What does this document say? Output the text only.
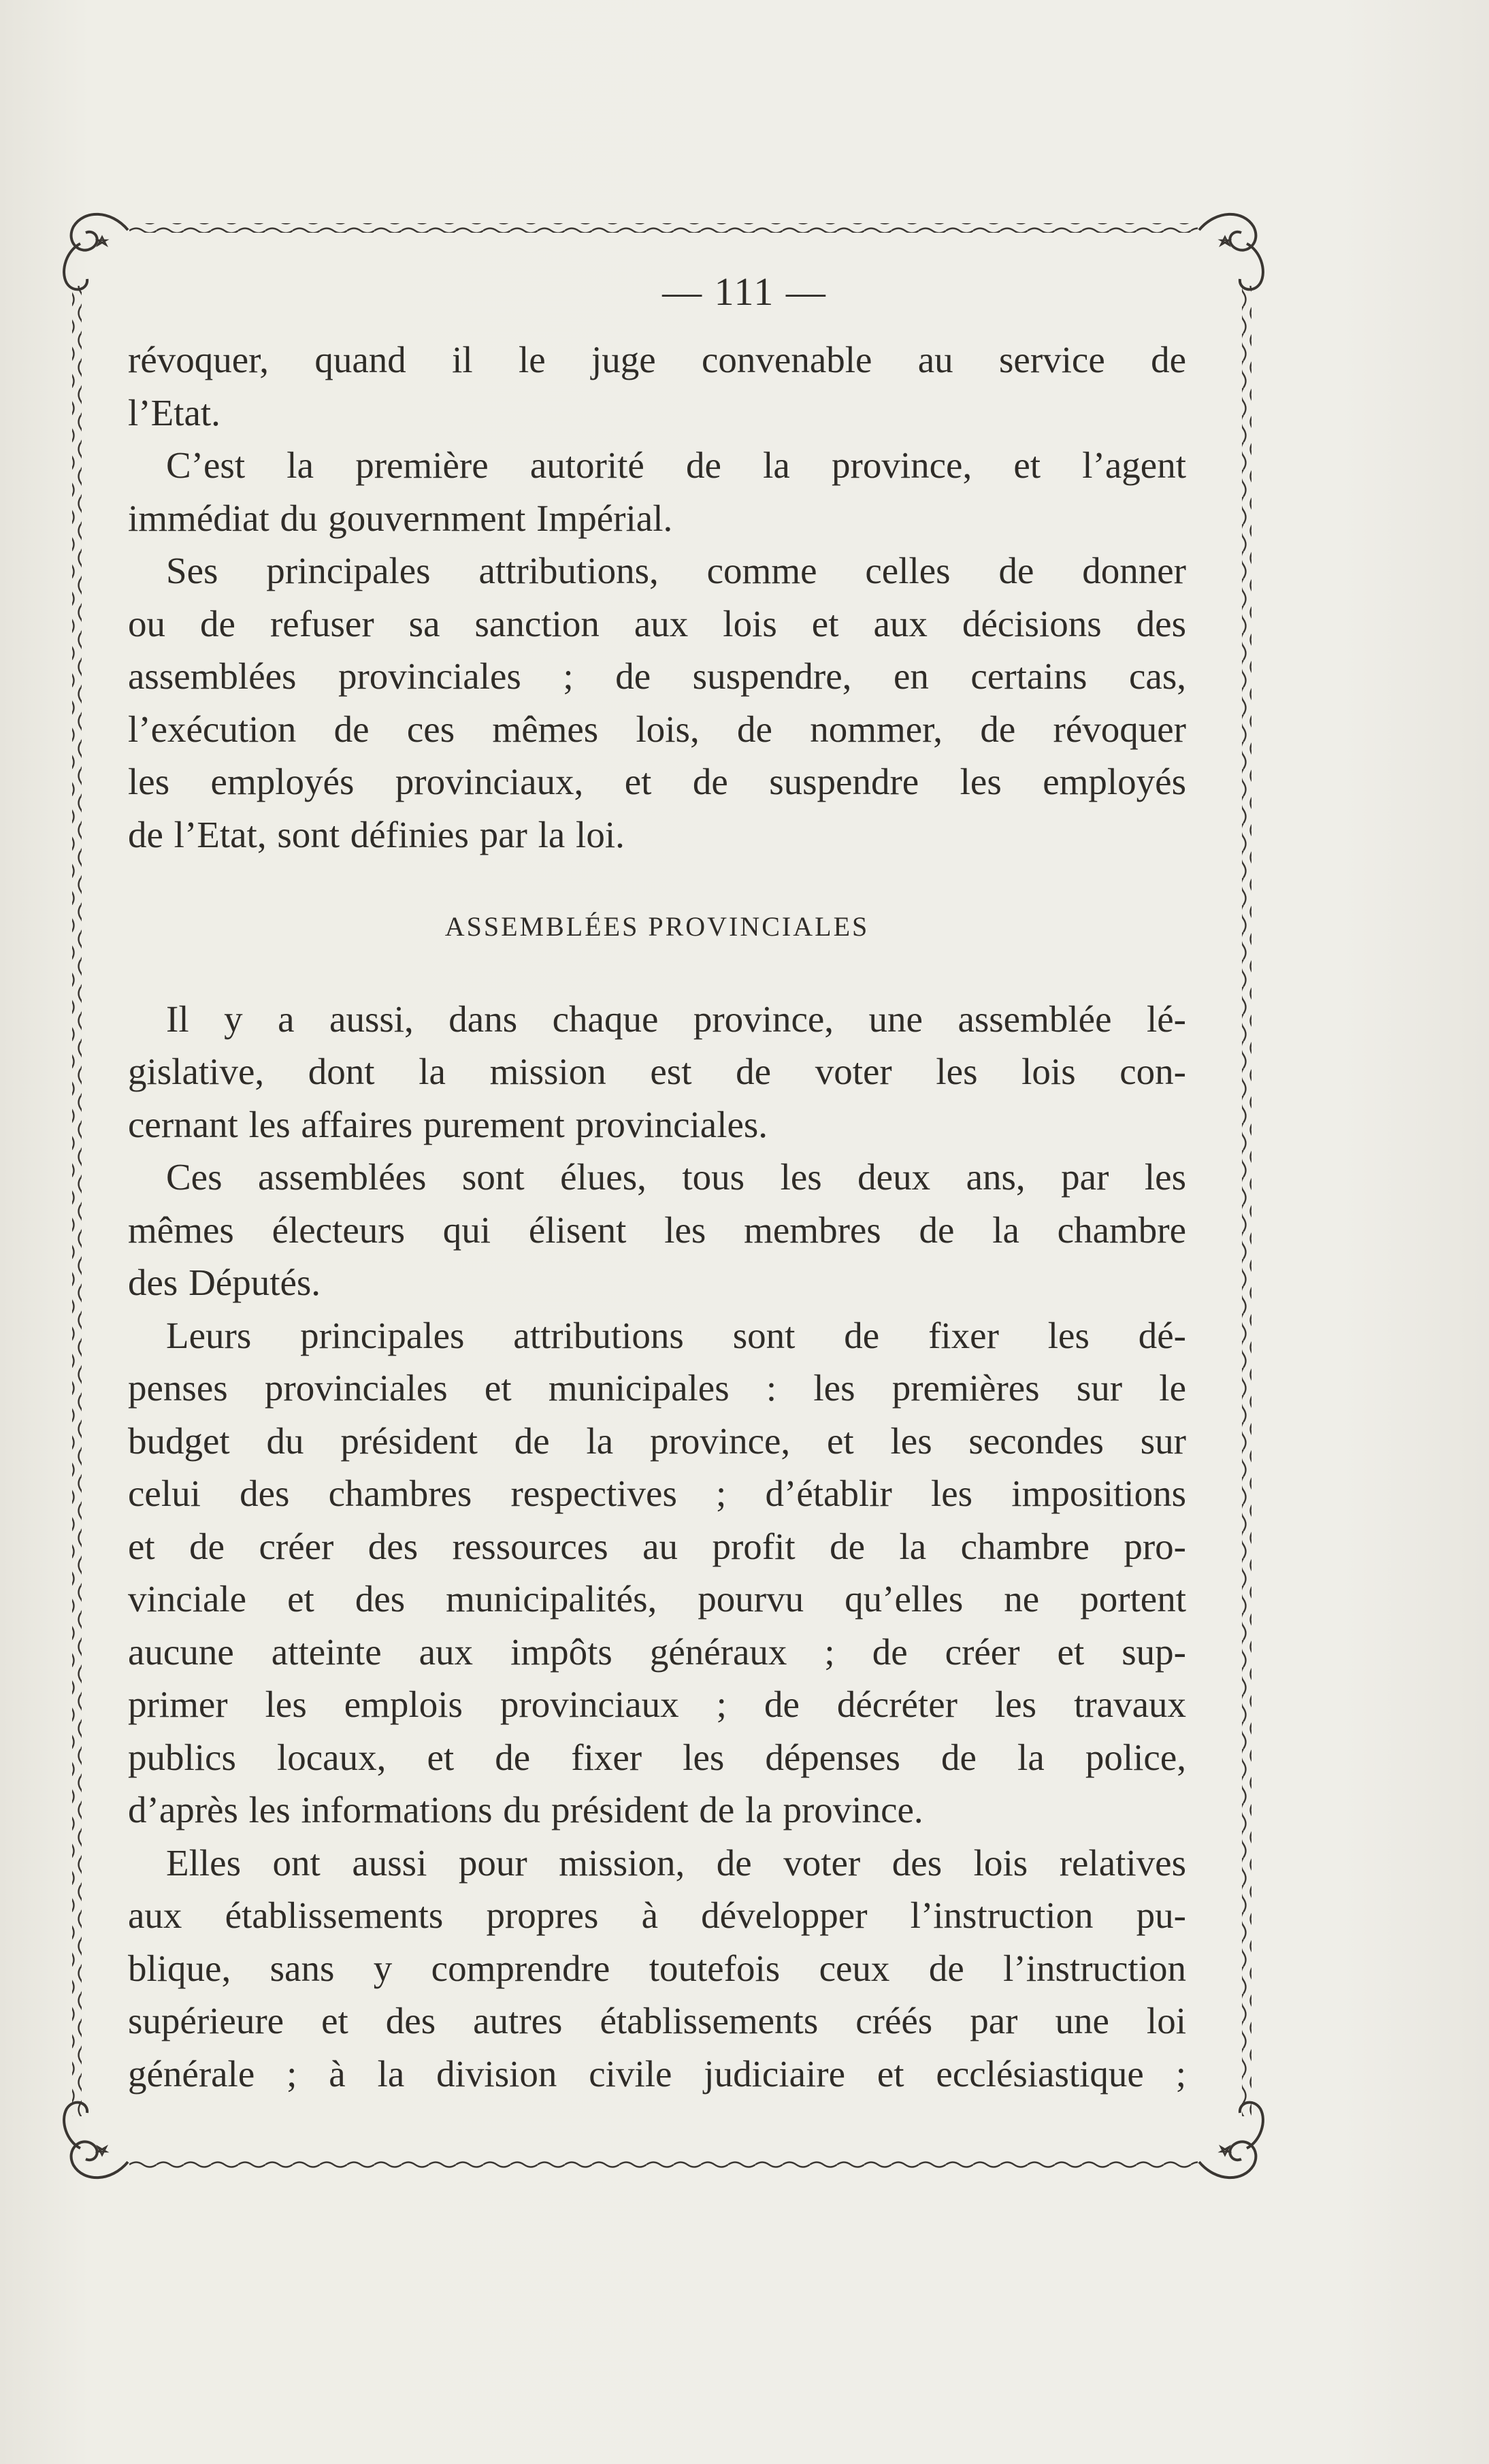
— 111 —
révoquer, quand il le juge convenable au service de
l’Etat.
C’est la première autorité de la province, et l’agent
immédiat du gouvernment Impérial.
Ses principales attributions, comme celles de donner
ou de refuser sa sanction aux lois et aux décisions des
assemblées provinciales ; de suspendre, en certains cas,
l’exécution de ces mêmes lois, de nommer, de révoquer
les employés provinciaux, et de suspendre les employés
de l’Etat, sont définies par la loi.
ASSEMBLÉES PROVINCIALES
Il y a aussi, dans chaque province, une assemblée lé-
gislative, dont la mission est de voter les lois con-
cernant les affaires purement provinciales.
Ces assemblées sont élues, tous les deux ans, par les
mêmes électeurs qui élisent les membres de la chambre
des Députés.
Leurs principales attributions sont de fixer les dé-
penses provinciales et municipales : les premières sur le
budget du président de la province, et les secondes sur
celui des chambres respectives ; d’établir les impositions
et de créer des ressources au profit de la chambre pro-
vinciale et des municipalités, pourvu qu’elles ne portent
aucune atteinte aux impôts généraux ; de créer et sup-
primer les emplois provinciaux ; de décréter les travaux
publics locaux, et de fixer les dépenses de la police,
d’après les informations du président de la province.
Elles ont aussi pour mission, de voter des lois relatives
aux établissements propres à développer l’instruction pu-
blique, sans y comprendre toutefois ceux de l’instruction
supérieure et des autres établissements créés par une loi
générale ; à la division civile judiciaire et ecclésiastique ;
